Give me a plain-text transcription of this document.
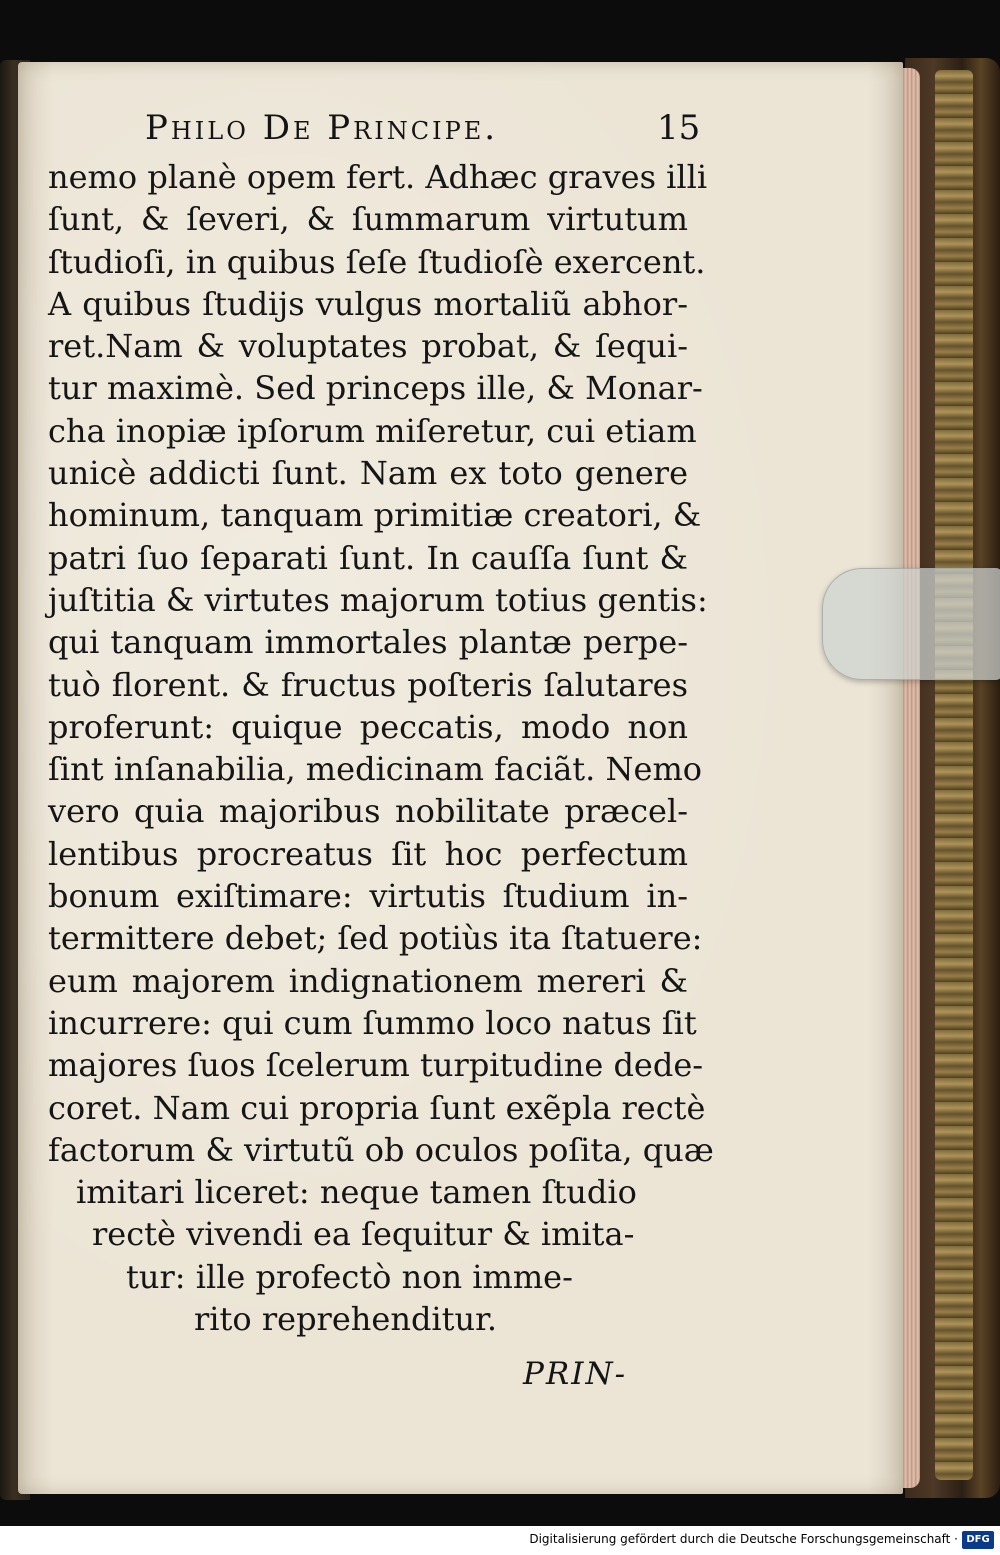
Philo De Principe.	15
nemo planè opem fert. Adhæc graves illi
ſunt, & ſeveri, & ſummarum virtutum
ſtudioſi, in quibus ſeſe ſtudioſè exercent.
A quibus ſtudijs vulgus mortaliũ abhor-
ret.Nam & voluptates probat, & ſequi-
tur maximè. Sed princeps ille, & Monar-
cha inopiæ ipſorum miſeretur, cui etiam
unicè addicti ſunt. Nam ex toto genere
hominum, tanquam primitiæ creatori, &
patri ſuo ſeparati ſunt. In cauſſa ſunt &
juſtitia & virtutes majorum totius gentis:
qui tanquam immortales plantæ perpe-
tuò florent. & fructus poſteris ſalutares
proferunt: quique peccatis, modo non
ſint inſanabilia, medicinam faciãt. Nemo
vero quia majoribus nobilitate præcel-
lentibus procreatus ſit hoc perfectum
bonum exiſtimare: virtutis ſtudium in-
termittere debet; ſed potiùs ita ſtatuere:
eum majorem indignationem mereri &
incurrere: qui cum ſummo loco natus ſit
majores ſuos ſcelerum turpitudine dede-
coret. Nam cui propria ſunt exẽpla rectè
factorum & virtutũ ob oculos poſita, quæ
imitari liceret: neque tamen ſtudio
rectè vivendi ea ſequitur & imita-
tur: ille profectò non imme-
rito reprehenditur.
PRIN-
Digitalisierung gefördert durch die Deutsche Forschungsgemeinschaft · DFG
